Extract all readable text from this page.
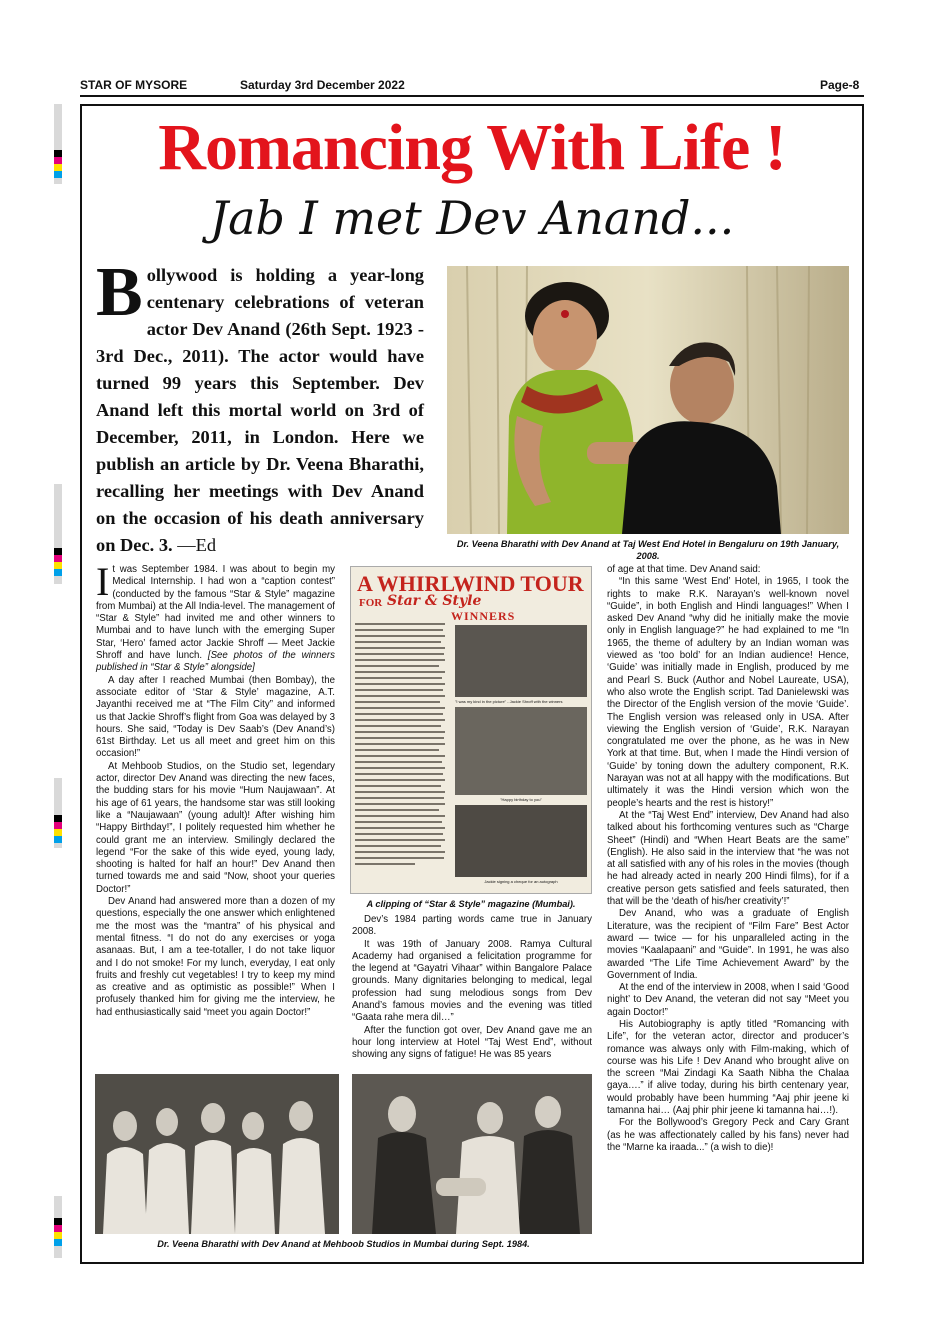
STAR OF MYSORE	Saturday 3rd December 2022	Page-8
Romancing With Life !
Jab I met Dev Anand...
Bollywood is holding a year-long centenary celebrations of veteran actor Dev Anand (26th Sept. 1923 - 3rd Dec., 2011). The actor would have turned 99 years this September. Dev Anand left this mortal world on 3rd of December, 2011, in London. Here we publish an article by Dr. Veena Bharathi, recalling her meetings with Dev Anand on the occasion of his death anniversary on Dec. 3. —Ed	Dr. Veena Bharathi with Dev Anand at Taj West End Hotel in Bengaluru on 19th January, 2008.

It was September 1984. I was about to begin my Medical Internship. I had won a “caption contest” (conducted by the famous “Star & Style” magazine from Mumbai) at the All India-level. The management of “Star & Style” had invited me and other winners to Mumbai and to have lunch with the emerging Super Star, ‘Hero’ famed actor Jackie Shroff — Meet Jackie Shroff and have lunch. [See photos of the winners published in “Star & Style” alongside]

A day after I reached Mumbai (then Bombay), the associate editor of ‘Star & Style’ magazine, A.T. Jayanthi received me at “The Film City” and informed us that Jackie Shroff’s flight from Goa was delayed by 3 hours. She said, “Today is Dev Saab’s (Dev Anand’s) 61st Birthday. Let us all meet and greet him on this occasion!”

At Mehboob Studios, on the Studio set, legendary actor, director Dev Anand was directing the new faces, the budding stars for his movie “Hum Naujawaan”. At his age of 61 years, the handsome star was still looking like a “Naujawaan” (young adult)! After wishing him “Happy Birthday!”, I politely requested him whether he could grant me an interview. Smilingly declared the legend “For the sake of this wide eyed, young lady, shooting is halted for half an hour!” Dev Anand then turned towards me and said “Now, shoot your queries Doctor!”

Dev Anand had answered more than a dozen of my questions, especially the one answer which enlightened me the most was the “mantra” of his physical and mental fitness. “I do not do any exercises or yoga asanaas. But, I am a tee-totaller, I do not take liquor and I do not smoke! For my lunch, everyday, I eat only fruits and freshly cut vegetables! I try to keep my mind as creative and as optimistic as possible!” When I profusely thanked him for giving me the interview, he had enthusiastically said “meet you again Doctor!”

A WHIRLWIND TOUR
FOR Star & Style
WINNERS
"I was my kind in the picture" - Jackie Shroff with the winners
"Happy birthday to you"
Jackie signing a cheque for an autograph
A clipping of “Star & Style” magazine (Mumbai).

Dev’s 1984 parting words came true in January 2008.

It was 19th of January 2008. Ramya Cultural Academy had organised a felicitation programme for the legend at “Gayatri Vihaar” within Bangalore Palace grounds. Many dignitaries belonging to medical, legal profession had sung melodious songs from Dev Anand’s famous movies and the evening was titled “Gaata rahe mera dil…”

After the function got over, Dev Anand gave me an hour long interview at Hotel “Taj West End”, without showing any signs of fatigue! He was 85 years

of age at that time. Dev Anand said:

“In this same ‘West End’ Hotel, in 1965, I took the rights to make R.K. Narayan’s well-known novel “Guide”, in both English and Hindi languages!” When I asked Dev Anand “why did he initially make the movie only in English language?” he had explained to me “In 1965, the theme of adultery by an Indian woman was viewed as ‘too bold’ for an Indian audience! Hence, ‘Guide’ was initially made in English, produced by me and Pearl S. Buck (Author and Nobel Laureate, USA), who also wrote the English script. Tad Danielewski was the Director of the English version of the movie ‘Guide’. The English version was released only in USA. After viewing the English version of ‘Guide’, R.K. Narayan congratulated me over the phone, as he was in New York at that time. But, when I made the Hindi version of ‘Guide’ by toning down the adultery component, R.K. Narayan was not at all happy with the modifications. But ultimately it was the Hindi version which won the people’s hearts and the rest is history!”

At the “Taj West End” interview, Dev Anand had also talked about his forthcoming ventures such as “Charge Sheet” (Hindi) and “When Heart Beats are the same” (English). He also said in the interview that “he was not at all satisfied with any of his roles in the movies (though he had already acted in nearly 200 Hindi films), for if a creative person gets satisfied and feels saturated, then that will be the ‘death of his/her creativity’!”

Dev Anand, who was a graduate of English Literature, was the recipient of “Film Fare” Best Actor award — twice — for his unparalleled acting in the movies “Kaalapaani” and “Guide”. In 1991, he was also awarded “The Life Time Achievement Award” by the Government of India.

At the end of the interview in 2008, when I said ‘Good night’ to Dev Anand, the veteran did not say “Meet you again Doctor!”

His Autobiography is aptly titled “Romancing with Life”, for the veteran actor, director and producer’s romance was always only with Film-making, which of course was his Life ! Dev Anand who brought alive on the screen “Mai Zindagi Ka Saath Nibha the Chalaa gaya….” if alive today, during his birth centenary year, would probably have been humming “Aaj phir jeene ki tamanna hai… (Aaj phir phir jeene ki tamanna hai…!).

For the Bollywood’s Gregory Peck and Cary Grant (as he was affectionately called by his fans) never had the “Marne ka iraada...” (a wish to die)!

Dr. Veena Bharathi with Dev Anand at Mehboob Studios in Mumbai during Sept. 1984.
